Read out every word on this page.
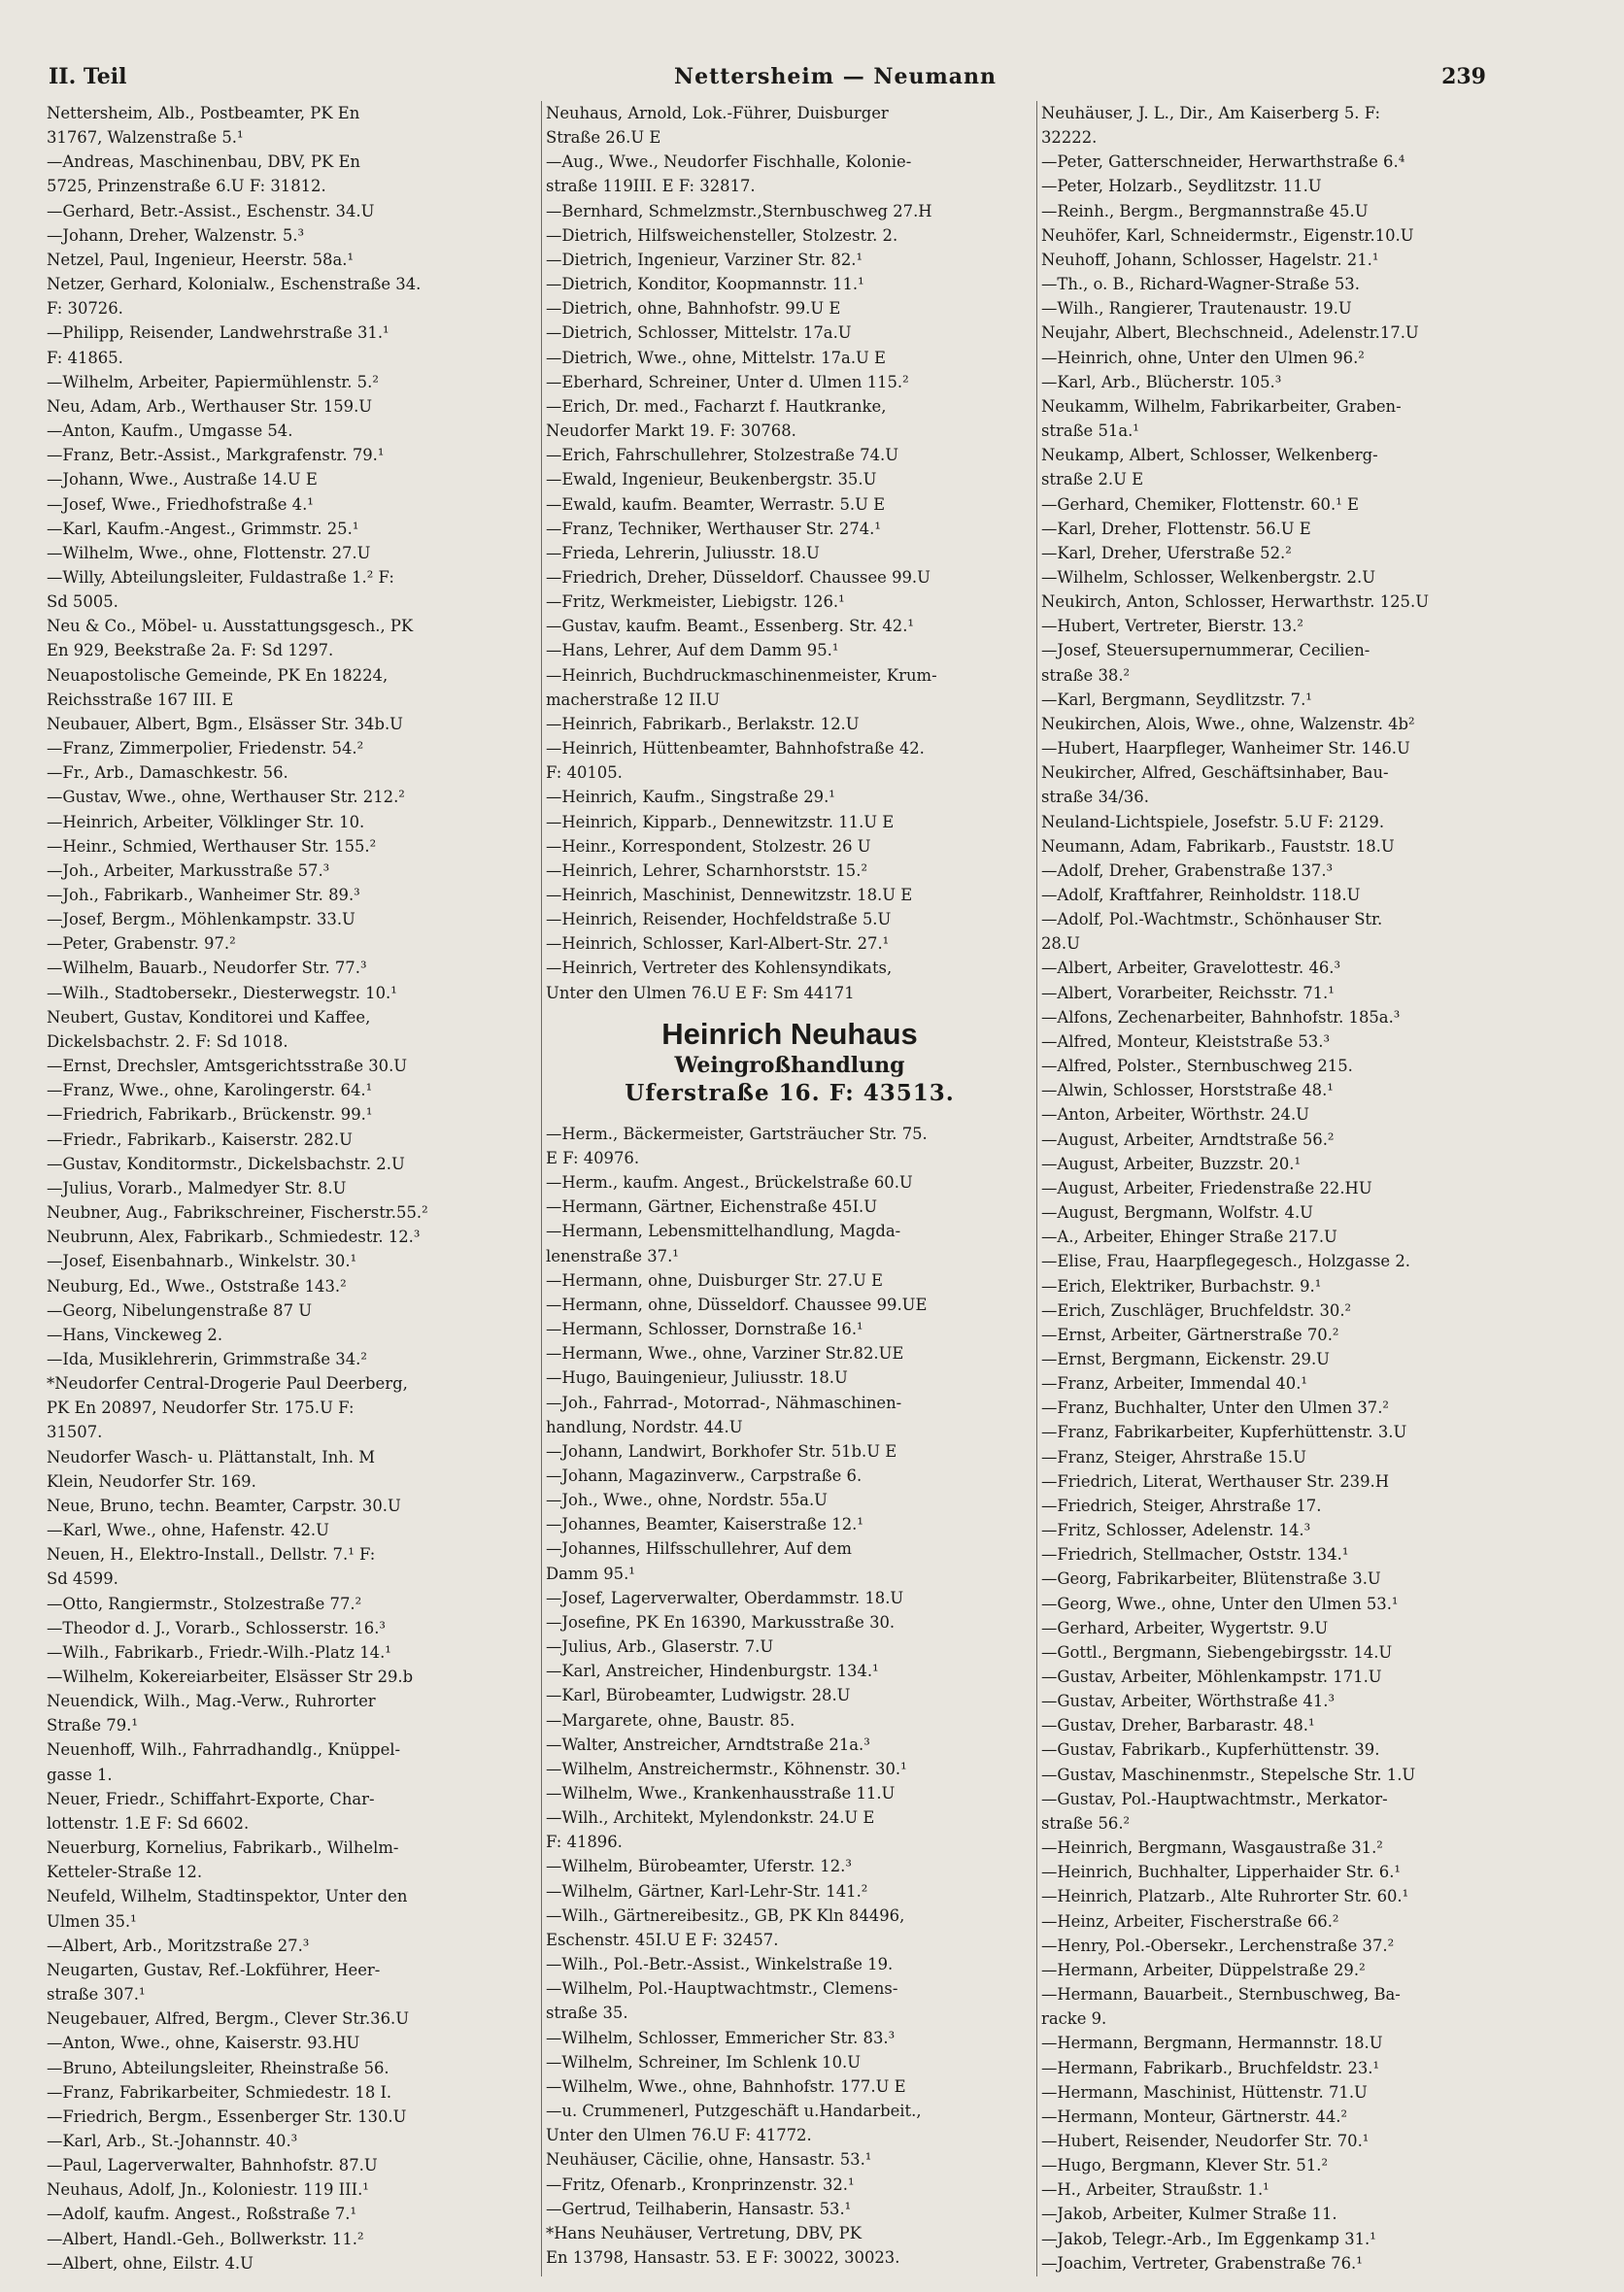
II. Teil	Nettersheim — Neumann	239
Nettersheim, Alb., Postbeamter, PK En
31767, Walzenstraße 5.¹
—Andreas, Maschinenbau, DBV, PK En
5725, Prinzenstraße 6.U F: 31812.
—Gerhard, Betr.-Assist., Eschenstr. 34.U
—Johann, Dreher, Walzenstr. 5.³
Netzel, Paul, Ingenieur, Heerstr. 58a.¹
Netzer, Gerhard, Kolonialw., Eschenstraße 34.
F: 30726.
—Philipp, Reisender, Landwehrstraße 31.¹
F: 41865.
—Wilhelm, Arbeiter, Papiermühlenstr. 5.²
Neu, Adam, Arb., Werthauser Str. 159.U
—Anton, Kaufm., Umgasse 54.
—Franz, Betr.-Assist., Markgrafenstr. 79.¹
—Johann, Wwe., Austraße 14.U E
—Josef, Wwe., Friedhofstraße 4.¹
—Karl, Kaufm.-Angest., Grimmstr. 25.¹
—Wilhelm, Wwe., ohne, Flottenstr. 27.U
—Willy, Abteilungsleiter, Fuldastraße 1.² F:
Sd 5005.
Neu & Co., Möbel- u. Ausstattungsgesch., PK
En 929, Beekstraße 2a. F: Sd 1297.
Neuapostolische Gemeinde, PK En 18224,
Reichsstraße 167 III. E
Neubauer, Albert, Bgm., Elsässer Str. 34b.U
—Franz, Zimmerpolier, Friedenstr. 54.²
—Fr., Arb., Damaschkestr. 56.
—Gustav, Wwe., ohne, Werthauser Str. 212.²
—Heinrich, Arbeiter, Völklinger Str. 10.
—Heinr., Schmied, Werthauser Str. 155.²
—Joh., Arbeiter, Markusstraße 57.³
—Joh., Fabrikarb., Wanheimer Str. 89.³
—Josef, Bergm., Möhlenkampstr. 33.U
—Peter, Grabenstr. 97.²
—Wilhelm, Bauarb., Neudorfer Str. 77.³
—Wilh., Stadtobersekr., Diesterwegstr. 10.¹
Neubert, Gustav, Konditorei und Kaffee,
Dickelsbachstr. 2. F: Sd 1018.
—Ernst, Drechsler, Amtsgerichtsstraße 30.U
—Franz, Wwe., ohne, Karolingerstr. 64.¹
—Friedrich, Fabrikarb., Brückenstr. 99.¹
—Friedr., Fabrikarb., Kaiserstr. 282.U
—Gustav, Konditormstr., Dickelsbachstr. 2.U
—Julius, Vorarb., Malmedyer Str. 8.U
Neubner, Aug., Fabrikschreiner, Fischerstr.55.²
Neubrunn, Alex, Fabrikarb., Schmiedestr. 12.³
—Josef, Eisenbahnarb., Winkelstr. 30.¹
Neuburg, Ed., Wwe., Oststraße 143.²
—Georg, Nibelungenstraße 87 U
—Hans, Vinckeweg 2.
—Ida, Musiklehrerin, Grimmstraße 34.²
*Neudorfer Central-Drogerie Paul Deerberg,
PK En 20897, Neudorfer Str. 175.U F:
31507.
Neudorfer Wasch- u. Plättanstalt, Inh. M
Klein, Neudorfer Str. 169.
Neue, Bruno, techn. Beamter, Carpstr. 30.U
—Karl, Wwe., ohne, Hafenstr. 42.U
Neuen, H., Elektro-Install., Dellstr. 7.¹ F:
Sd 4599.
—Otto, Rangiermstr., Stolzestraße 77.²
—Theodor d. J., Vorarb., Schlosserstr. 16.³
—Wilh., Fabrikarb., Friedr.-Wilh.-Platz 14.¹
—Wilhelm, Kokereiarbeiter, Elsässer Str 29.b
Neuendick, Wilh., Mag.-Verw., Ruhrorter
Straße 79.¹
Neuenhoff, Wilh., Fahrradhandlg., Knüppel-
gasse 1.
Neuer, Friedr., Schiffahrt-Exporte, Char-
lottenstr. 1.E F: Sd 6602.
Neuerburg, Kornelius, Fabrikarb., Wilhelm-
Ketteler-Straße 12.
Neufeld, Wilhelm, Stadtinspektor, Unter den
Ulmen 35.¹
—Albert, Arb., Moritzstraße 27.³
Neugarten, Gustav, Ref.-Lokführer, Heer-
straße 307.¹
Neugebauer, Alfred, Bergm., Clever Str.36.U
—Anton, Wwe., ohne, Kaiserstr. 93.HU
—Bruno, Abteilungsleiter, Rheinstraße 56.
—Franz, Fabrikarbeiter, Schmiedestr. 18 I.
—Friedrich, Bergm., Essenberger Str. 130.U
—Karl, Arb., St.-Johannstr. 40.³
—Paul, Lagerverwalter, Bahnhofstr. 87.U
Neuhaus, Adolf, Jn., Koloniestr. 119 III.¹
—Adolf, kaufm. Angest., Roßstraße 7.¹
—Albert, Handl.-Geh., Bollwerkstr. 11.²
—Albert, ohne, Eilstr. 4.U
Neuhaus, Arnold, Lok.-Führer, Duisburger
Straße 26.U E
—Aug., Wwe., Neudorfer Fischhalle, Kolonie-
straße 119III. E F: 32817.
—Bernhard, Schmelzmstr.,Sternbuschweg 27.H
—Dietrich, Hilfsweichensteller, Stolzestr. 2.
—Dietrich, Ingenieur, Varziner Str. 82.¹
—Dietrich, Konditor, Koopmannstr. 11.¹
—Dietrich, ohne, Bahnhofstr. 99.U E
—Dietrich, Schlosser, Mittelstr. 17a.U
—Dietrich, Wwe., ohne, Mittelstr. 17a.U E
—Eberhard, Schreiner, Unter d. Ulmen 115.²
—Erich, Dr. med., Facharzt f. Hautkranke,
Neudorfer Markt 19. F: 30768.
—Erich, Fahrschullehrer, Stolzestraße 74.U
—Ewald, Ingenieur, Beukenbergstr. 35.U
—Ewald, kaufm. Beamter, Werrastr. 5.U E
—Franz, Techniker, Werthauser Str. 274.¹
—Frieda, Lehrerin, Juliusstr. 18.U
—Friedrich, Dreher, Düsseldorf. Chaussee 99.U
—Fritz, Werkmeister, Liebigstr. 126.¹
—Gustav, kaufm. Beamt., Essenberg. Str. 42.¹
—Hans, Lehrer, Auf dem Damm 95.¹
—Heinrich, Buchdruckmaschinenmeister, Krum-
macherstraße 12 II.U
—Heinrich, Fabrikarb., Berlakstr. 12.U
—Heinrich, Hüttenbeamter, Bahnhofstraße 42.
F: 40105.
—Heinrich, Kaufm., Singstraße 29.¹
—Heinrich, Kipparb., Dennewitzstr. 11.U E
—Heinr., Korrespondent, Stolzestr. 26 U
—Heinrich, Lehrer, Scharnhorststr. 15.²
—Heinrich, Maschinist, Dennewitzstr. 18.U E
—Heinrich, Reisender, Hochfeldstraße 5.U
—Heinrich, Schlosser, Karl-Albert-Str. 27.¹
—Heinrich, Vertreter des Kohlensyndikats,
Unter den Ulmen 76.U E F: Sm 44171
Heinrich Neuhaus
Weingroßhandlung
Uferstraße 16. F: 43513.
—Herm., Bäckermeister, Gartsträucher Str. 75.
E F: 40976.
—Herm., kaufm. Angest., Brückelstraße 60.U
—Hermann, Gärtner, Eichenstraße 45I.U
—Hermann, Lebensmittelhandlung, Magda-
lenenstraße 37.¹
—Hermann, ohne, Duisburger Str. 27.U E
—Hermann, ohne, Düsseldorf. Chaussee 99.UE
—Hermann, Schlosser, Dornstraße 16.¹
—Hermann, Wwe., ohne, Varziner Str.82.UE
—Hugo, Bauingenieur, Juliusstr. 18.U
—Joh., Fahrrad-, Motorrad-, Nähmaschinen-
handlung, Nordstr. 44.U
—Johann, Landwirt, Borkhofer Str. 51b.U E
—Johann, Magazinverw., Carpstraße 6.
—Joh., Wwe., ohne, Nordstr. 55a.U
—Johannes, Beamter, Kaiserstraße 12.¹
—Johannes, Hilfsschullehrer, Auf dem
Damm 95.¹
—Josef, Lagerverwalter, Oberdammstr. 18.U
—Josefine, PK En 16390, Markusstraße 30.
—Julius, Arb., Glaserstr. 7.U
—Karl, Anstreicher, Hindenburgstr. 134.¹
—Karl, Bürobeamter, Ludwigstr. 28.U
—Margarete, ohne, Baustr. 85.
—Walter, Anstreicher, Arndtstraße 21a.³
—Wilhelm, Anstreichermstr., Köhnenstr. 30.¹
—Wilhelm, Wwe., Krankenhausstraße 11.U
—Wilh., Architekt, Mylendonkstr. 24.U E
F: 41896.
—Wilhelm, Bürobeamter, Uferstr. 12.³
—Wilhelm, Gärtner, Karl-Lehr-Str. 141.²
—Wilh., Gärtnereibesitz., GB, PK Kln 84496,
Eschenstr. 45I.U E F: 32457.
—Wilh., Pol.-Betr.-Assist., Winkelstraße 19.
—Wilhelm, Pol.-Hauptwachtmstr., Clemens-
straße 35.
—Wilhelm, Schlosser, Emmericher Str. 83.³
—Wilhelm, Schreiner, Im Schlenk 10.U
—Wilhelm, Wwe., ohne, Bahnhofstr. 177.U E
—u. Crummenerl, Putzgeschäft u.Handarbeit.,
Unter den Ulmen 76.U F: 41772.
Neuhäuser, Cäcilie, ohne, Hansastr. 53.¹
—Fritz, Ofenarb., Kronprinzenstr. 32.¹
—Gertrud, Teilhaberin, Hansastr. 53.¹
*Hans Neuhäuser, Vertretung, DBV, PK
En 13798, Hansastr. 53. E F: 30022, 30023.
Neuhäuser, J. L., Dir., Am Kaiserberg 5. F:
32222.
—Peter, Gatterschneider, Herwarthstraße 6.⁴
—Peter, Holzarb., Seydlitzstr. 11.U
—Reinh., Bergm., Bergmannstraße 45.U
Neuhöfer, Karl, Schneidermstr., Eigenstr.10.U
Neuhoff, Johann, Schlosser, Hagelstr. 21.¹
—Th., o. B., Richard-Wagner-Straße 53.
—Wilh., Rangierer, Trautenaustr. 19.U
Neujahr, Albert, Blechschneid., Adelenstr.17.U
—Heinrich, ohne, Unter den Ulmen 96.²
—Karl, Arb., Blücherstr. 105.³
Neukamm, Wilhelm, Fabrikarbeiter, Graben-
straße 51a.¹
Neukamp, Albert, Schlosser, Welkenberg-
straße 2.U E
—Gerhard, Chemiker, Flottenstr. 60.¹ E
—Karl, Dreher, Flottenstr. 56.U E
—Karl, Dreher, Uferstraße 52.²
—Wilhelm, Schlosser, Welkenbergstr. 2.U
Neukirch, Anton, Schlosser, Herwarthstr. 125.U
—Hubert, Vertreter, Bierstr. 13.²
—Josef, Steuersupernummerar, Cecilien-
straße 38.²
—Karl, Bergmann, Seydlitzstr. 7.¹
Neukirchen, Alois, Wwe., ohne, Walzenstr. 4b²
—Hubert, Haarpfleger, Wanheimer Str. 146.U
Neukircher, Alfred, Geschäftsinhaber, Bau-
straße 34/36.
Neuland-Lichtspiele, Josefstr. 5.U F: 2129.
Neumann, Adam, Fabrikarb., Fauststr. 18.U
—Adolf, Dreher, Grabenstraße 137.³
—Adolf, Kraftfahrer, Reinholdstr. 118.U
—Adolf, Pol.-Wachtmstr., Schönhauser Str.
28.U
—Albert, Arbeiter, Gravelottestr. 46.³
—Albert, Vorarbeiter, Reichsstr. 71.¹
—Alfons, Zechenarbeiter, Bahnhofstr. 185a.³
—Alfred, Monteur, Kleiststraße 53.³
—Alfred, Polster., Sternbuschweg 215.
—Alwin, Schlosser, Horststraße 48.¹
—Anton, Arbeiter, Wörthstr. 24.U
—August, Arbeiter, Arndtstraße 56.²
—August, Arbeiter, Buzzstr. 20.¹
—August, Arbeiter, Friedenstraße 22.HU
—August, Bergmann, Wolfstr. 4.U
—A., Arbeiter, Ehinger Straße 217.U
—Elise, Frau, Haarpflegegesch., Holzgasse 2.
—Erich, Elektriker, Burbachstr. 9.¹
—Erich, Zuschläger, Bruchfeldstr. 30.²
—Ernst, Arbeiter, Gärtnerstraße 70.²
—Ernst, Bergmann, Eickenstr. 29.U
—Franz, Arbeiter, Immendal 40.¹
—Franz, Buchhalter, Unter den Ulmen 37.²
—Franz, Fabrikarbeiter, Kupferhüttenstr. 3.U
—Franz, Steiger, Ahrstraße 15.U
—Friedrich, Literat, Werthauser Str. 239.H
—Friedrich, Steiger, Ahrstraße 17.
—Fritz, Schlosser, Adelenstr. 14.³
—Friedrich, Stellmacher, Oststr. 134.¹
—Georg, Fabrikarbeiter, Blütenstraße 3.U
—Georg, Wwe., ohne, Unter den Ulmen 53.¹
—Gerhard, Arbeiter, Wygertstr. 9.U
—Gottl., Bergmann, Siebengebirgsstr. 14.U
—Gustav, Arbeiter, Möhlenkampstr. 171.U
—Gustav, Arbeiter, Wörthstraße 41.³
—Gustav, Dreher, Barbarastr. 48.¹
—Gustav, Fabrikarb., Kupferhüttenstr. 39.
—Gustav, Maschinenmstr., Stepelsche Str. 1.U
—Gustav, Pol.-Hauptwachtmstr., Merkator-
straße 56.²
—Heinrich, Bergmann, Wasgaustraße 31.²
—Heinrich, Buchhalter, Lipperhaider Str. 6.¹
—Heinrich, Platzarb., Alte Ruhrorter Str. 60.¹
—Heinz, Arbeiter, Fischerstraße 66.²
—Henry, Pol.-Obersekr., Lerchenstraße 37.²
—Hermann, Arbeiter, Düppelstraße 29.²
—Hermann, Bauarbeit., Sternbuschweg, Ba-
racke 9.
—Hermann, Bergmann, Hermannstr. 18.U
—Hermann, Fabrikarb., Bruchfeldstr. 23.¹
—Hermann, Maschinist, Hüttenstr. 71.U
—Hermann, Monteur, Gärtnerstr. 44.²
—Hubert, Reisender, Neudorfer Str. 70.¹
—Hugo, Bergmann, Klever Str. 51.²
—H., Arbeiter, Straußstr. 1.¹
—Jakob, Arbeiter, Kulmer Straße 11.
—Jakob, Telegr.-Arb., Im Eggenkamp 31.¹
—Joachim, Vertreter, Grabenstraße 76.¹
